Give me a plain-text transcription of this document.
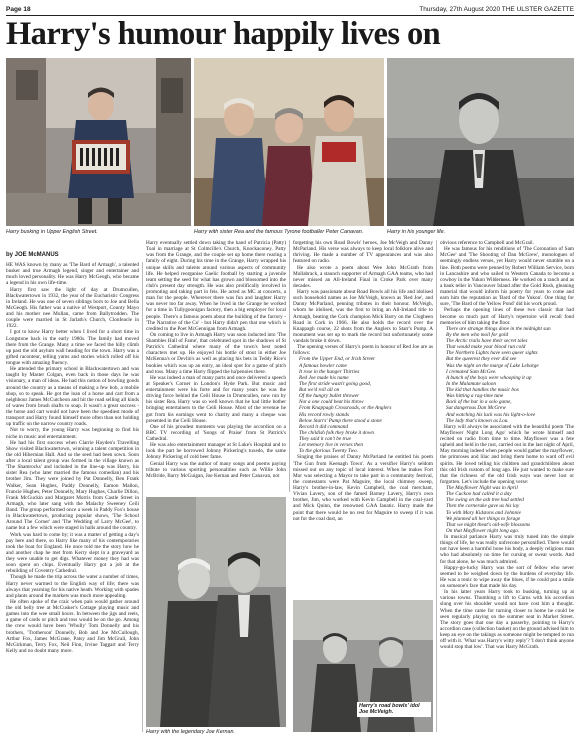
Page 18	Thursday, 27th August 2020 THE ULSTER GAZETTE
Harry's humour happily lives on
Harry busking in Upper English Street.	Harry with sister Rea and the famous Tyrone footballer Peter Canavan.	Harry in his younger life.
by JOE McMANUS

HE WAS known by many as 'The Bard of Armagh', a talented busker and true Armagh legend, singer and entertainer and much loved personality. He was Harry McGeogh, who became a legend in his own life-time.

Harry first saw the light of day at Drumcullen, Blackwatertown in 1932, the year of the Eucharistic Congress in Ireland. He was one of seven siblings born to Joe and Bella McGeogh. His father was a native of Westport, County Mayo and his mother nee Mullan, came from Ballytrodden. The couple were married in St Jarlath's Church, Clonfeacle in 1922.

I got to know Harry better when I lived for a short time in Longstone back in the early 1980s. The family had moved there from the Grange. Many a time we faced the hilly climb up past the old asylum wall heading for the town. Harry was a gifted raconteur, telling yarns and stories which rolled off his tongue with amazing fluency.

He attended the primary school in Blackwatertown and was taught by Master Colgan, even back in those days he was visionary, a man of ideas. He had this notion of bowling goods around the country as a means of making a few bob, a mobile shop, so to speak. He got the loan of a horse and cart from a neighbour James McCutcheon and hit the road selling all kinds of wares from brush shafts to soap. It wasn't a great success - the horse and cart would not have been the speediest mode of transport and Harry found himself more often than not holding up traffic on the narrow country roads.

Not to worry, the young Harry was beginning to find his niche in music and entertainment.

He had his first success when Clarrie Hayden's Travelling Show visited Blackwatertown, winning a talent competition in the old Hibernian Hall. And so the seed had been sown. Soon after a local talent group was formed in the village known as 'The Shamrocks' and included in the line-up was Harry, his sister Rea (who later married the famous comedian) and his brother Jim. They were joined by Pat Donnelly, Ben Frank Walker, Sean Hughes, Paddy Donnelly, Eamon Mallon, Francie Hughes, Peter Donnelly, Mary Hughes, Charlie Dillon, Frank McGuckin and Margaret Morris from Castle Street in Armagh, who later sang with the Malachy Sweeney Ceili Band. The group performed once a week in Paddy Fox's house in Blackwatertown, producing popular shows, 'The School Around The Corner' and 'The Wedding of Larry McGee', to name but a few which were staged in halls around the country.

Work was hard to come by; it was a matter of getting a day's pay here and there, so Harry like many of his contemporaries took the boat for England. He once told me the story how he and another chap he met from Kerry slept in a graveyard as they were unable to get digs. Whatever money they had was soon spent on chips. Eventually Harry got a job at the rebuilding of Coventry Cathedral.

Though he made the trip across the water a number of times, Harry never warmed to the English way of life; there was always that yearning for his native heath. Working with spades and plants around the markets was much more appealing.

He often spoke of the craic when pals would gather around the old belly tree at McCusker's Cottage playing music and games into the wee small hours. In between the jigs and reels, a game of cards or pitch and toss would be on the go. Among the crew would have been 'Wholly' Tom Donnelly and his brothers, 'Trotherson' Donnelly, Bob and Joe McCullough, Arthur Fox, James McGrane, Patsy and Jim McGrail, John McGirkman, Terry Fox, Neil Finn, Irvine Taggart and Terry Kelly and no doubt many more.

Harry eventually settled down taking the hand of Patricia (Patty) Toal in marriage at St Colmcille's Church, Knockaconey. Patty was from the Grange, and the couple set up home there rearing a family of eight. During his time in the Grange, Harry wrapped his unique skills and talents around various aspects of community life. He helped reorganise Gaelic football by starting a juvenile team setting the seed for what has grown and blossomed into the club's present day strength. He was also prolifically involved in promoting and taking part in feis. He acted as MC at concerts, a man for the people. Wherever there was fun and laughter Harry was never too far away. When he lived in the Grange he worked for a time in Tullygoonigan factory, then a big employer for local people. There's a famous poem about the building of the factory - 'The Narrative of the Co' - but Harry didn't pen that one which is credited to the Poet McGennigan from Armagh.

On coming to live in Armagh Harry was soon inducted into 'The Shambles Hall of Fame', that celebrated spot in the shadows of St Patrick's Cathedral where many of the town's best noted characters met up. He enjoyed his bottle of stout in either Joe McKenna's or Devlin's as well as placing his bets in Teddy Rice's bookies which was up an entry, an ideal spot for a game of pitch and toss. Many a time Harry flipped the ha'pennies there.

He was indeed a man of many parts and once delivered a speech at Speaker's Corner in London's Hyde Park. But music and entertainment were his forte and for many years he was the driving force behind the Ceili House in Drumcullen, now run by his sister Rea. Harry was so well known that he had little bother bringing entertainers to the Ceili House. Most of the revenue he got from his earnings went to charity and many a cheque was presented in the Ceili House.

One of his proudest moments was playing the accordion on a BBC TV recording of 'Songs of Praise' from St Patrick's Cathedral.

He was also entertainment manager at St Luke's Hospital and to look the part he borrowed Johnny Pickering's tuxedo, the same Johnny Pickering of cold beer fame.

Genial Harry was the author of many songs and poems paying tribute to various sporting personalities such as Willie John McBride, Barry McGuigan, Joe Kernan and Peter Canavan, not

Harry with the legendary Joe Kernan.

forgetting his own Road Bowls' heroes, Joe McVeigh and Danny McParland. His verse was always to keep local folklore alive and thriving. He made a number of TV appearances and was also featured on radio.

He also wrote a poem about Wee John McGrath from Mullabrack, a staunch supporter of Armagh GAA teams, who had never missed an All-Ireland Final in Croke Park over many decades.

Harry was passionate about Road Bowls all his life and idolised such household names as Joe McVeigh, known as 'Red Joe', and Danny McParland, penning tributes in their honour. McVeigh, whom he idolised, was the first to bring an All-Ireland title to Armagh, beating the Cork champion Mick Barry on the Clogheen Road in Cork in 1966. He also holds the record over the Knappagh course, 22 shots from the Anglers to Starr's Pump. A monument was set up to mark the record but unfortunately some vandals broke it down.

The opening verses of Harry's poem in honour of Red Joe are as follows:

From the Upper End, or Irish Street
A famous bowler came
It rose in the hunger Thirties
Red Joe made his name
The first stride wasn't going good,
But we'd roll all on
Of the hungry bullet thrower
Not a one could beat his throw
From Knappagh Crossroads, or the Anglers
His record rowly stands
Below Starrs' Pump there stood a stone
Record it did command
The childish folk they broke it down
They said it can't be true
Let memory live in verses then
To the glorious Twenty Two.

Singing the praises of Danny McParland he entitled his poem 'The Gun from Keenagh Town'. As a versifier Harry's seldom missed out on any topic of local interest. When he makes Fort Mor was selecting a Mayor to take part in a community festival, the contestants were Pat Maguire, the local chimney sweep, Harry's brother-in-law, Kevin Campbell, the coal merchant, Vivian Lavery, son of the famed Barney Lavery, Harry's own brother, Jim, who worked with Kevin Campbell in the coal-yard and Mick Quinn, the renowned GAA fanatic. Harry made the point that there would be no rest for Maguire to sweep if it was not for the coal dust, an

Harry's road bowls' idol Joe McVeigh.

obvious reference to Campbell and McGrail.

He was famous for his renditions of 'The Coronation of Sam McGee' and 'The Shooting of Dan McGrew', monologues of seemingly endless verses, yet Harry would never stumble on a line. Both poems were penned by Robert William Service, born in Lancashire and who sailed to Western Canada to become a cowboy in the Yukon Wilderness. He worked on a ranch and as a bank teller in Vancouver Island after the Gold Rush, gleaning material that would inform his poetry for years to come and earn him the reputation as 'Bard of the Yukon'. One thing for sure, 'The Bard of the Yellow Pond' did his work proud.

Perhaps the opening lines of these two classic that had become so much part of Harry's repertoire will recall fond memories of him taking the floor.

There are strange things done in the midnight sun
By the men who moil for gold
The Arctic trails have their secret tales
That would make your blood run cold
The Northern Lights have seen queer sights
But the queerest they ever did see
Was the night on the marge of Lake Lebarge
I cremated Sam McGee.
A bunch of the boys were whooping it up
In the Malamute saloon
The kid that handles the music box
Was hitting a rag-time tune
Back of the bar in a solo game,
Sat dangerous Dan McGrew
And watching his luck was his light-o-love
The lady that's known as Lou.

Harry will always be associated with the beautiful poem 'The Mayflower Night Long Ago' which he wrote himself and recited on radio from time to time. Mayflower was a fete upheld and held in the rust, carried out in the last night of April, May morning indeed when people would gather the mayflower, the primroses and lilac and bring them home to ward off evil spirits. He loved telling his children and grandchildren about this old Irish custom of long ago. He just wanted to make sure that the richness of the old Irish ways was never lost or forgotten. Let's include the opening verse:

The Mayflower Night was in April
The Cuckoo had called it a day
The swing on the ash tree had settled
Then the cornerake gave us his lay
To with Mary Kidstons and Johnnie
We planned all her things to forage
That we might theat's old-wife blossoms
On that Mayflower night long ago.

In musical parlance Harry was truly tuned into the simple things of life, he was really unfrecone personified. There would not have been a harmful bone his body, a deeply religious man who had absolutely no time for cursing or swear words. And for that alone, he was much admired.

Happy-go-lucky Harry was the sort of fellow who never seemed to be weighed down by the burdens of everyday life. He was a tonic to wipe away the blues, if he could put a smile on someone's face that made his day.

In his latter years Harry took to busking, turning up at various towns. Thumbing a lift to Carns with his accordion slung over his shoulder would not have cost him a thought. When the time came for turning closer to home he could be seen regularly playing on the summer seat in Market Street. The story goes that one day a passerby, pointing to Harry's accordion case (collection basket) on the ground advised him to keep an eye on the takings as someone might be tempted to run off with it. 'What was Harry's witty reply'? 'I don't think anyone would stop that low'. That was Harry McGrath.
